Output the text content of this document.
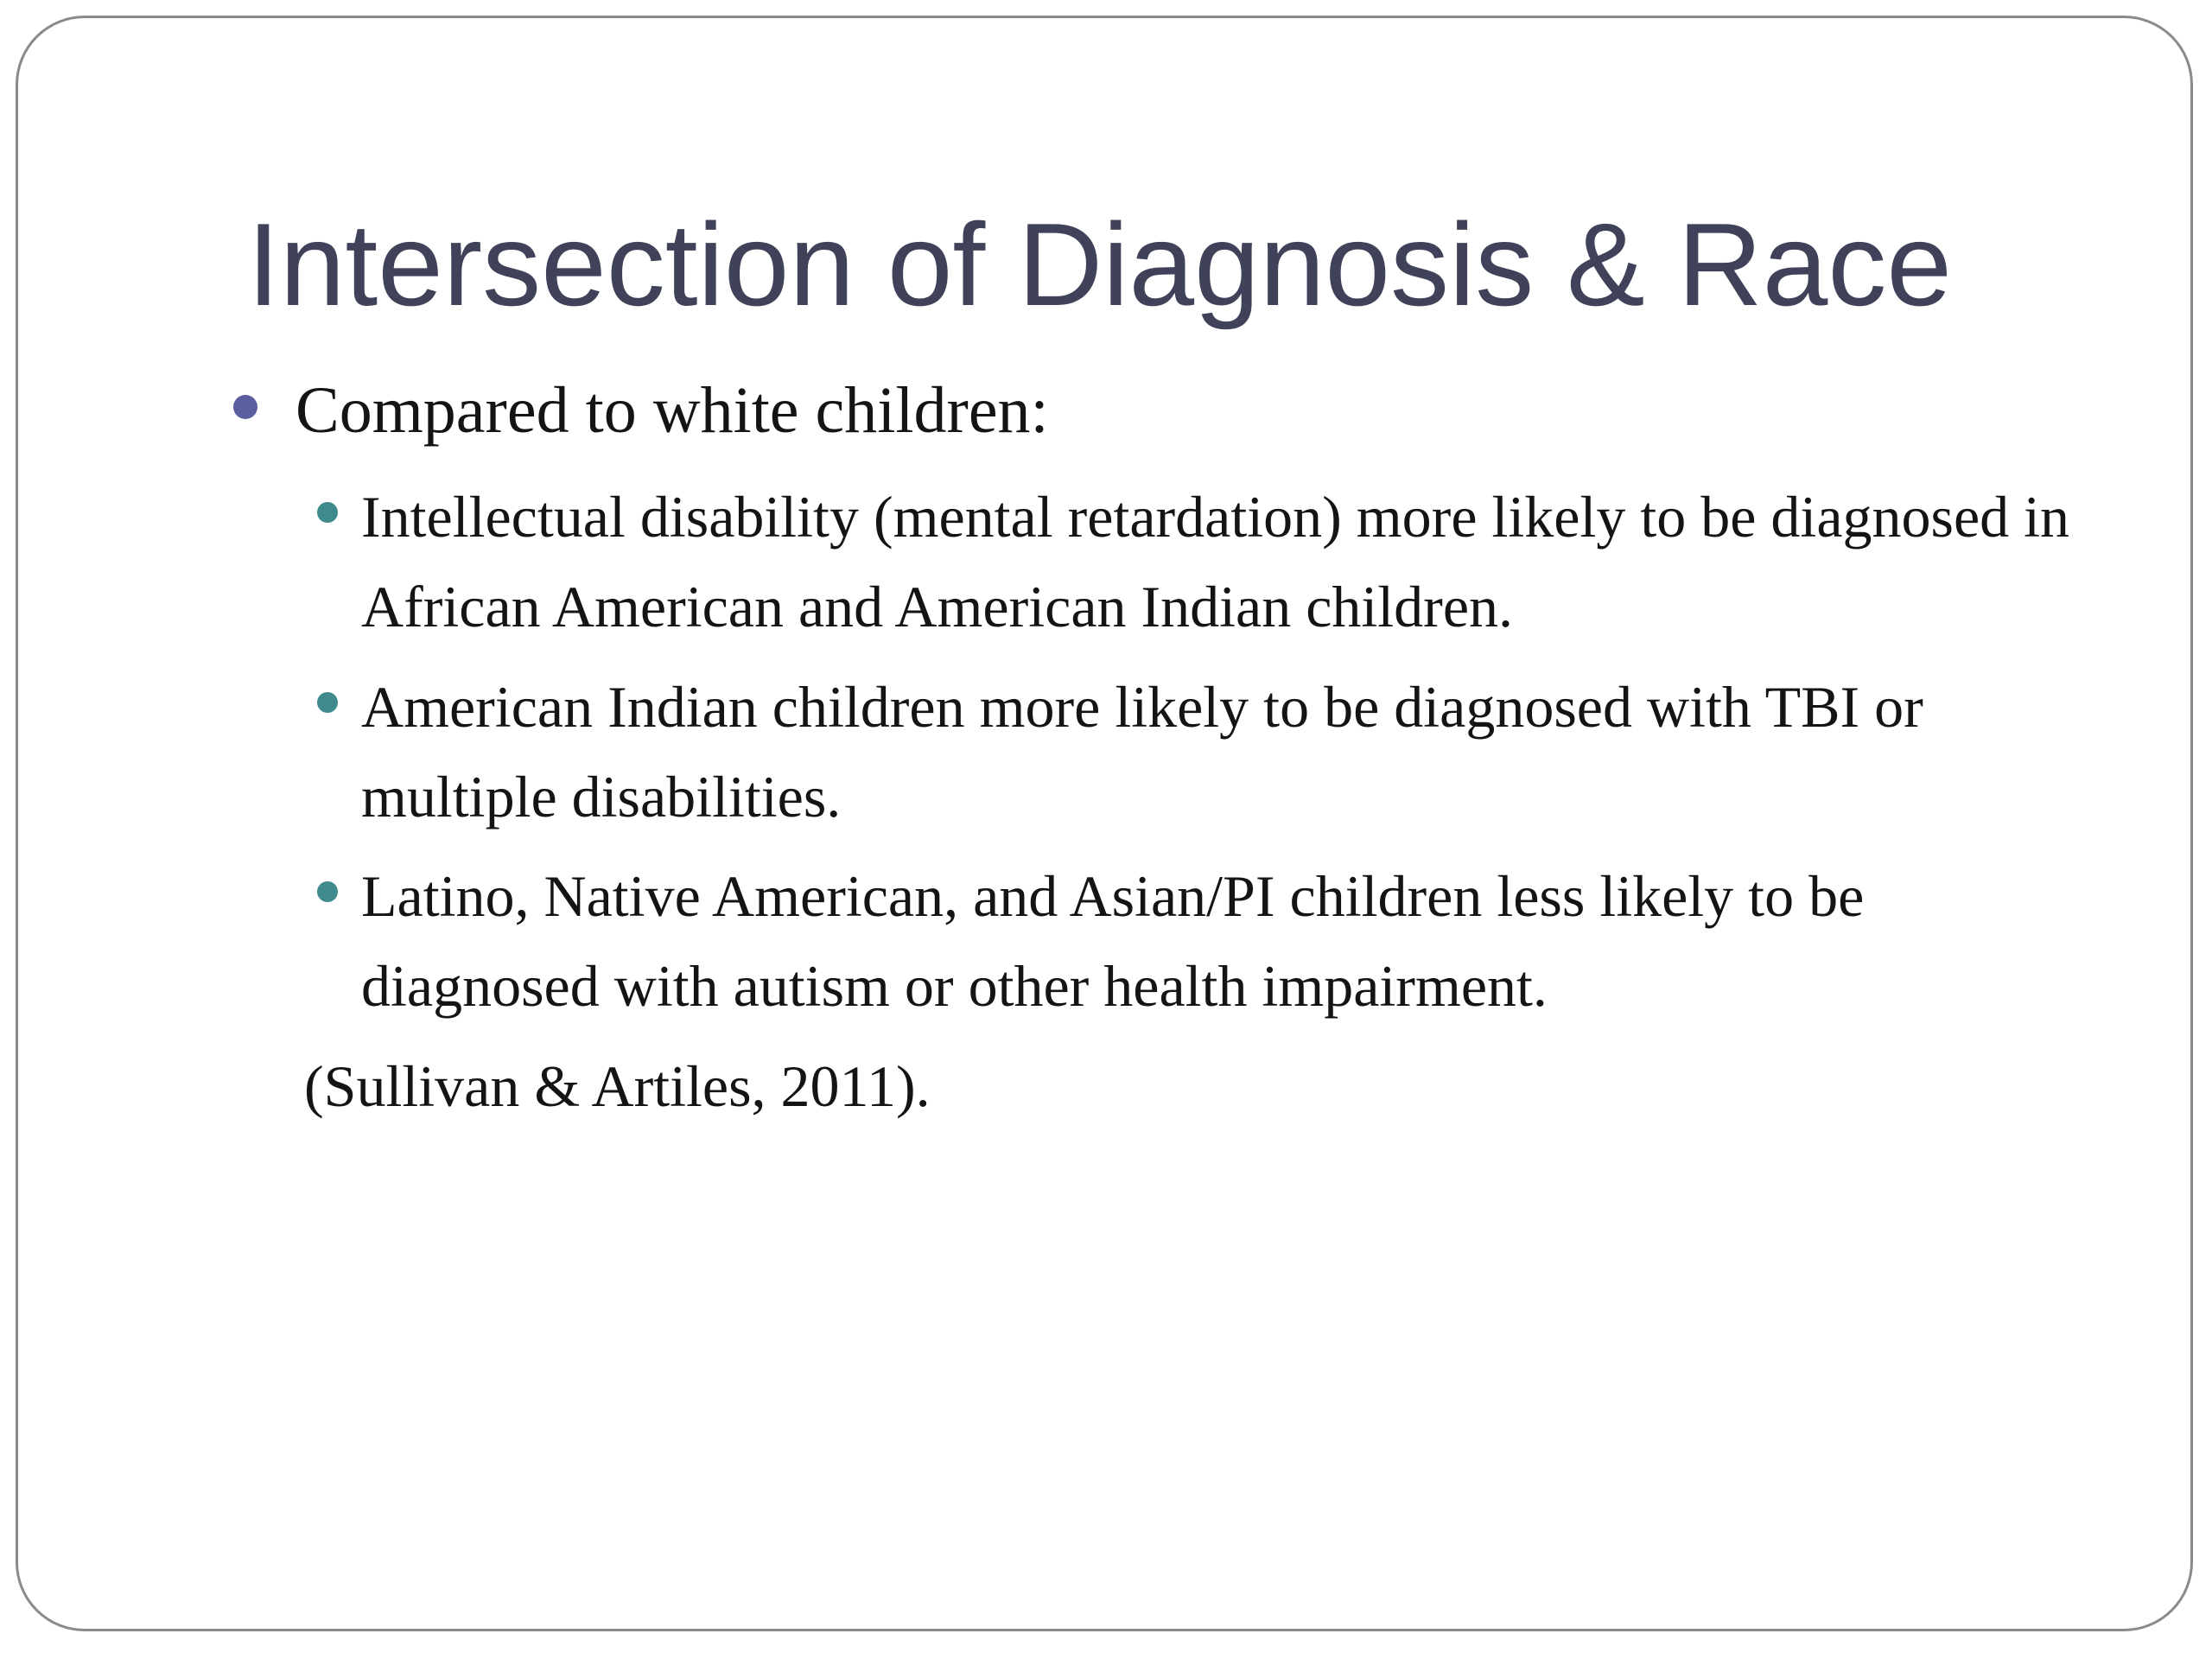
Intersection of Diagnosis & Race
Compared to white children:
Intellectual disability (mental retardation) more likely to be diagnosed in African American and American Indian children.
American Indian children more likely to be diagnosed with TBI or multiple disabilities.
Latino, Native American, and Asian/PI children less likely to be diagnosed with autism or other health impairment.
(Sullivan & Artiles, 2011).
